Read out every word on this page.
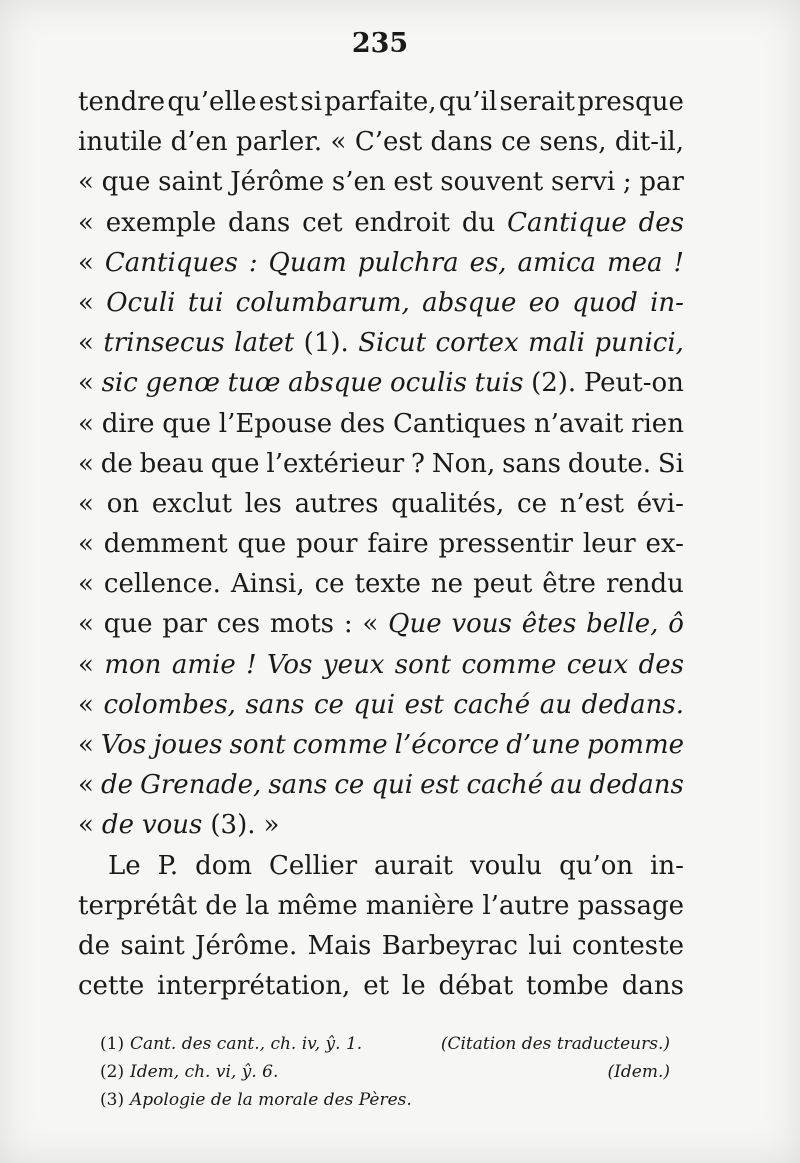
235
tendre qu’elle est si parfaite, qu’il serait presque
inutile d’en parler. « C’est dans ce sens, dit-il,
« que saint Jérôme s’en est souvent servi ; par
« exemple dans cet endroit du Cantique des
« Cantiques : Quam pulchra es, amica mea !
« Oculi tui columbarum, absque eo quod in-
« trinsecus latet (1). Sicut cortex mali punici,
« sic genœ tuœ absque oculis tuis (2). Peut-on
« dire que l’Epouse des Cantiques n’avait rien
« de beau que l’extérieur ? Non, sans doute. Si
« on exclut les autres qualités, ce n’est évi-
« demment que pour faire pressentir leur ex-
« cellence. Ainsi, ce texte ne peut être rendu
« que par ces mots : « Que vous êtes belle, ô
« mon amie ! Vos yeux sont comme ceux des
« colombes, sans ce qui est caché au dedans.
« Vos joues sont comme l’écorce d’une pomme
« de Grenade, sans ce qui est caché au dedans
« de vous (3). »
Le P. dom Cellier aurait voulu qu’on in-
terprétât de la même manière l’autre passage
de saint Jérôme. Mais Barbeyrac lui conteste
cette interprétation, et le débat tombe dans
(1) Cant. des cant., ch. iv, ŷ. 1.	(Citation des traducteurs.)
(2) Idem, ch. vi, ŷ. 6.	(Idem.)
(3) Apologie de la morale des Pères.
